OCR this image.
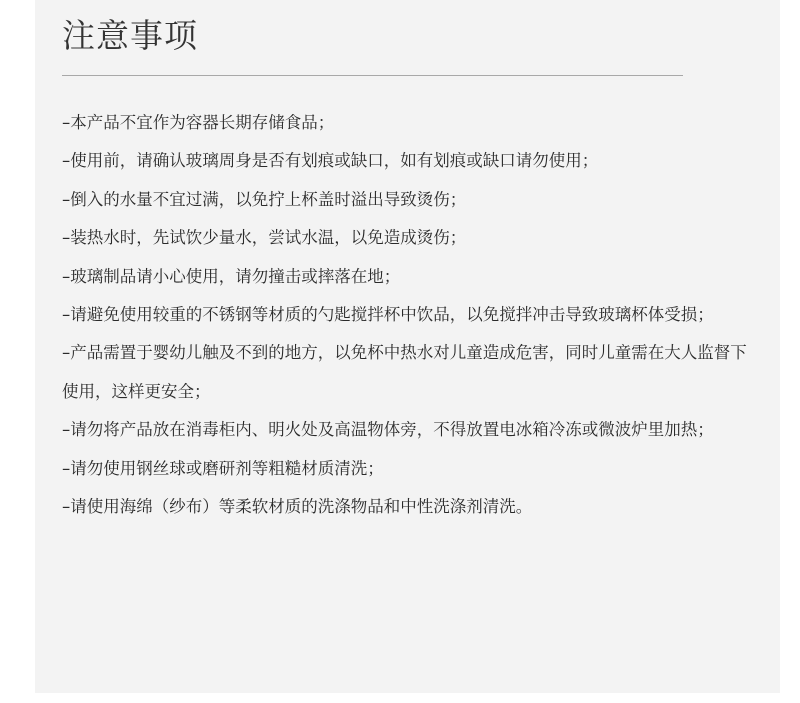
注意事项
–本产品不宜作为容器长期存储食品；
–使用前，请确认玻璃周身是否有划痕或缺口，如有划痕或缺口请勿使用；
–倒入的水量不宜过满，以免拧上杯盖时溢出导致烫伤；
–装热水时，先试饮少量水，尝试水温，以免造成烫伤；
–玻璃制品请小心使用，请勿撞击或摔落在地；
–请避免使用较重的不锈钢等材质的勺匙搅拌杯中饮品，以免搅拌冲击导致玻璃杯体受损；
–产品需置于婴幼儿触及不到的地方，以免杯中热水对儿童造成危害，同时儿童需在大人监督下使用，这样更安全；
–请勿将产品放在消毒柜内、明火处及高温物体旁，不得放置电冰箱冷冻或微波炉里加热；
–请勿使用钢丝球或磨研剂等粗糙材质清洗；
–请使用海绵（纱布）等柔软材质的洗涤物品和中性洗涤剂清洗。
